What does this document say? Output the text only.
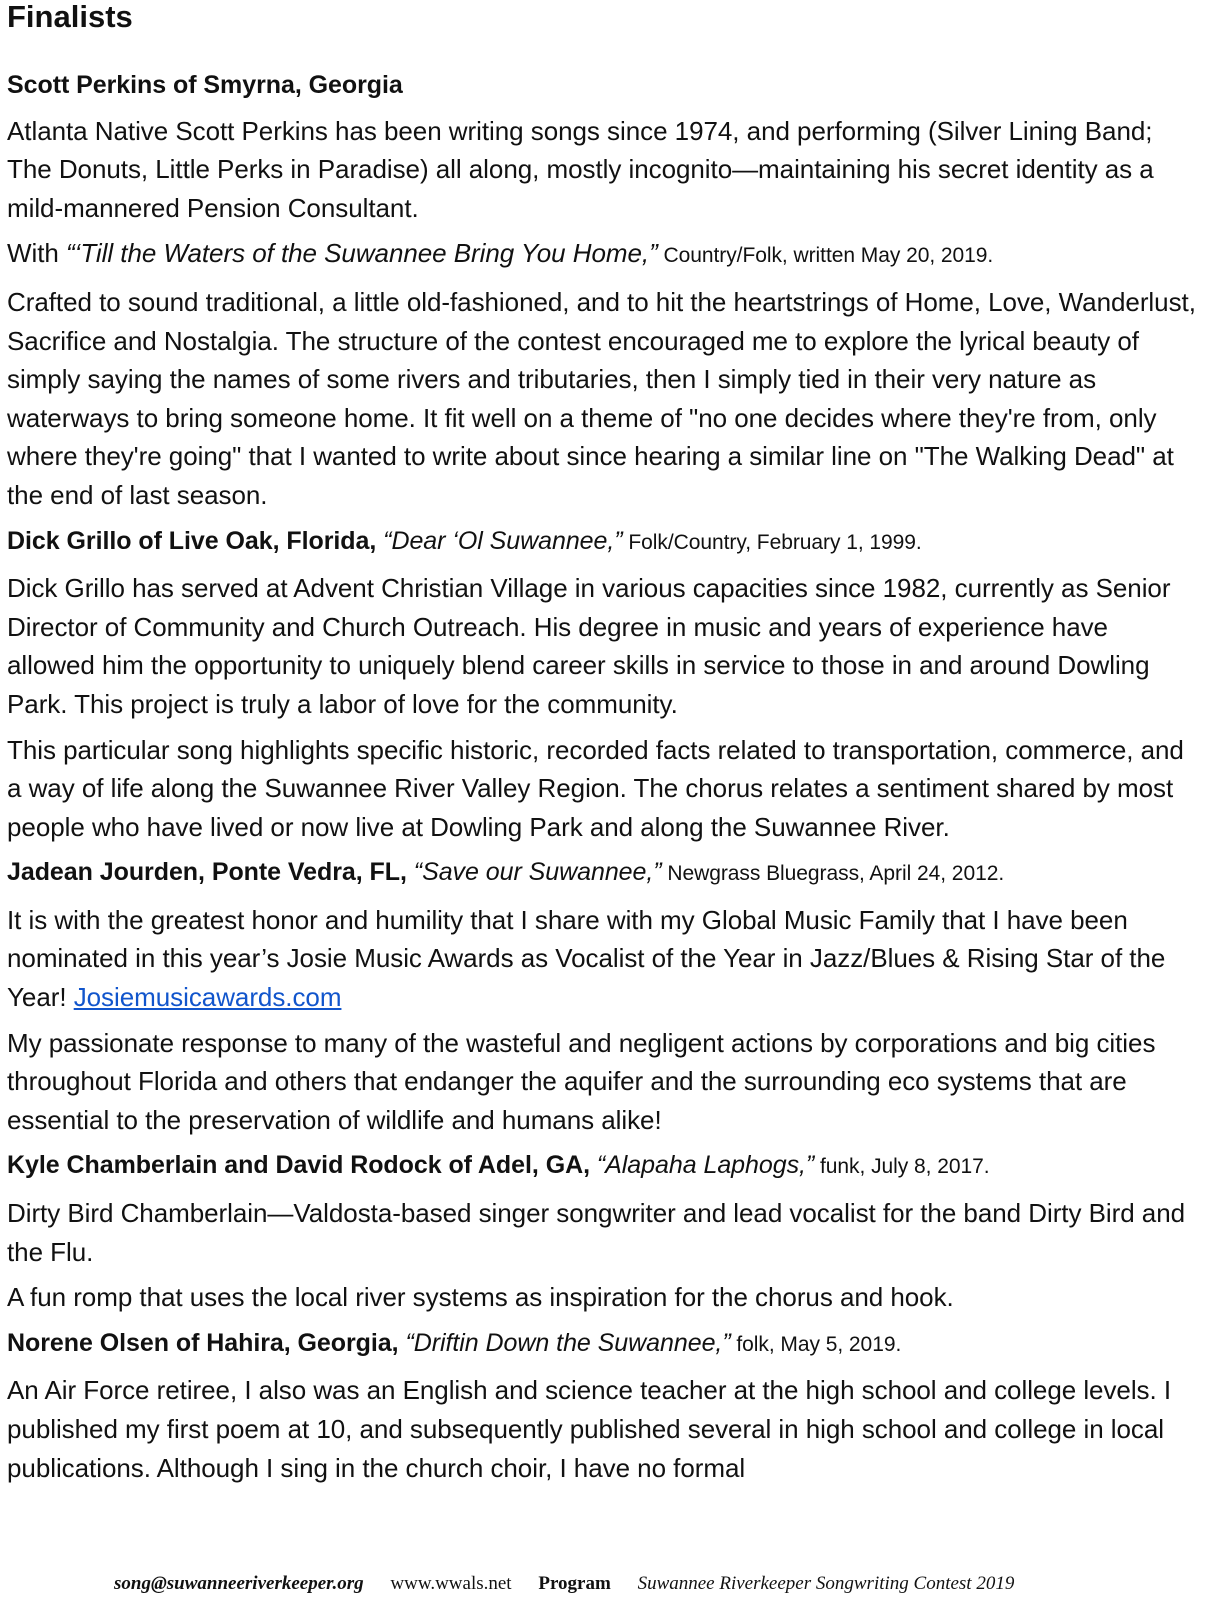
Finalists
Scott Perkins of Smyrna, Georgia
Atlanta Native Scott Perkins has been writing songs since 1974, and performing (Silver Lining Band; The Donuts, Little Perks in Paradise) all along, mostly incognito—maintaining his secret identity as a mild-mannered Pension Consultant.
With “‘Till the Waters of the Suwannee Bring You Home,” Country/Folk, written May 20, 2019.
Crafted to sound traditional, a little old-fashioned, and to hit the heartstrings of Home, Love, Wanderlust, Sacrifice and Nostalgia. The structure of the contest encouraged me to explore the lyrical beauty of simply saying the names of some rivers and tributaries, then I simply tied in their very nature as waterways to bring someone home. It fit well on a theme of "no one decides where they're from, only where they're going" that I wanted to write about since hearing a similar line on "The Walking Dead" at the end of last season.
Dick Grillo of Live Oak, Florida, “Dear ‘Ol Suwannee,” Folk/Country, February 1, 1999.
Dick Grillo has served at Advent Christian Village in various capacities since 1982, currently as Senior Director of Community and Church Outreach. His degree in music and years of experience have allowed him the opportunity to uniquely blend career skills in service to those in and around Dowling Park. This project is truly a labor of love for the community.
This particular song highlights specific historic, recorded facts related to transportation, commerce, and a way of life along the Suwannee River Valley Region. The chorus relates a sentiment shared by most people who have lived or now live at Dowling Park and along the Suwannee River.
Jadean Jourden, Ponte Vedra, FL, “Save our Suwannee,” Newgrass Bluegrass, April 24, 2012.
It is with the greatest honor and humility that I share with my Global Music Family that I have been nominated in this year’s Josie Music Awards as Vocalist of the Year in Jazz/Blues & Rising Star of the Year! Josiemusicawards.com
My passionate response to many of the wasteful and negligent actions by corporations and big cities throughout Florida and others that endanger the aquifer and the surrounding eco systems that are essential to the preservation of wildlife and humans alike!
Kyle Chamberlain and David Rodock of Adel, GA, “Alapaha Laphogs,” funk, July 8, 2017.
Dirty Bird Chamberlain—Valdosta-based singer songwriter and lead vocalist for the band Dirty Bird and the Flu.
A fun romp that uses the local river systems as inspiration for the chorus and hook.
Norene Olsen of Hahira, Georgia, “Driftin Down the Suwannee,” folk, May 5, 2019.
An Air Force retiree, I also was an English and science teacher at the high school and college levels. I published my first poem at 10, and subsequently published several in high school and college in local publications. Although I sing in the church choir, I have no formal
song@suwanneeriverkeeper.org www.wwals.net Program Suwannee Riverkeeper Songwriting Contest 2019
